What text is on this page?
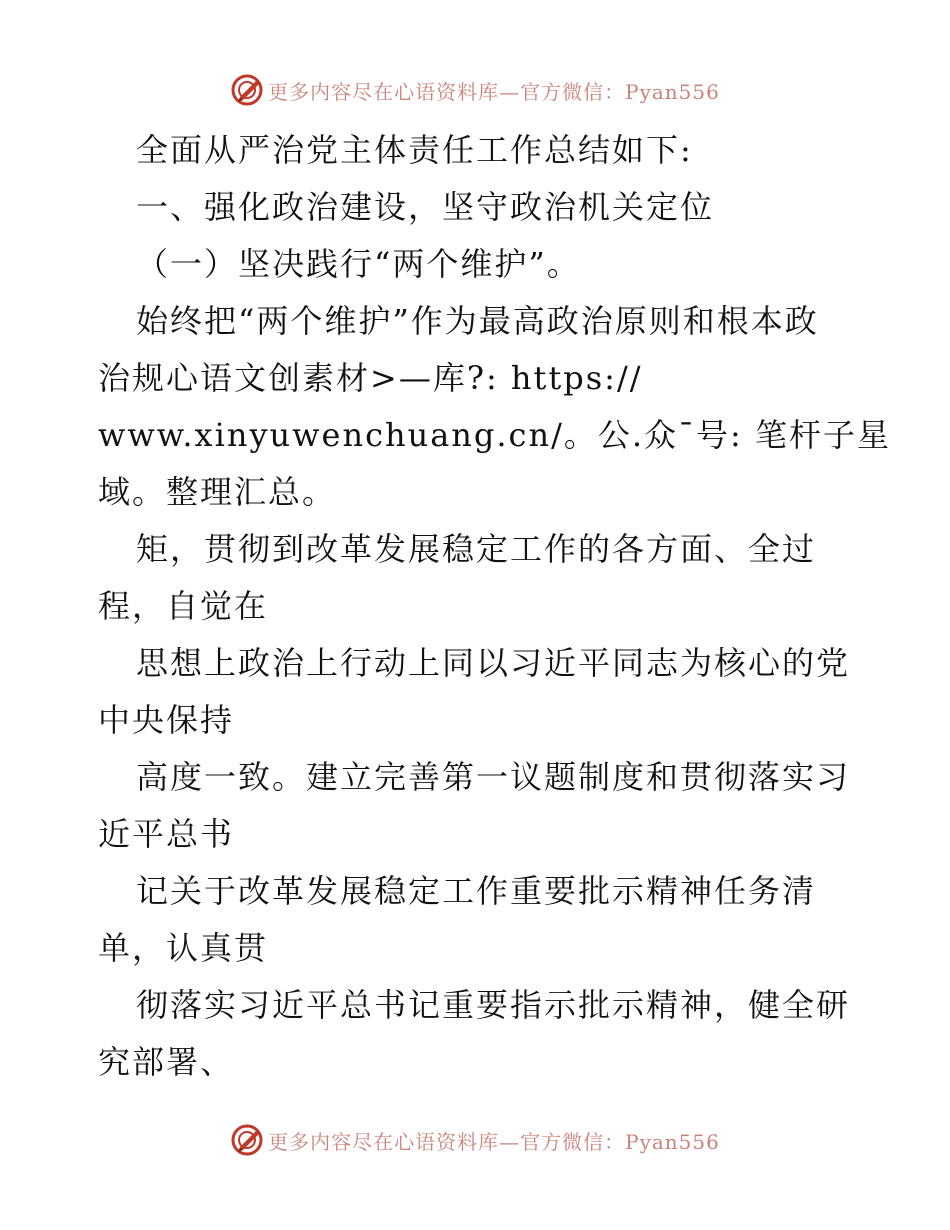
更多内容尽在心语资料库—官方微信：Pyan556
全面从严治党主体责任工作总结如下:
一、强化政治建设，坚守政治机关定位
（一）坚决践行“两个维护”。
始终把“两个维护”作为最高政治原则和根本政
治规心语文创素材>—库?: https://
www.xinyuwenchuang.cn/。公.众¯号: 笔杆子星
域。整理汇总。
矩，贯彻到改革发展稳定工作的各方面、全过
程，自觉在
思想上政治上行动上同以习近平同志为核心的党
中央保持
高度一致。建立完善第一议题制度和贯彻落实习
近平总书
记关于改革发展稳定工作重要批示精神任务清
单，认真贯
彻落实习近平总书记重要指示批示精神，健全研
究部署、
更多内容尽在心语资料库—官方微信：Pyan556
